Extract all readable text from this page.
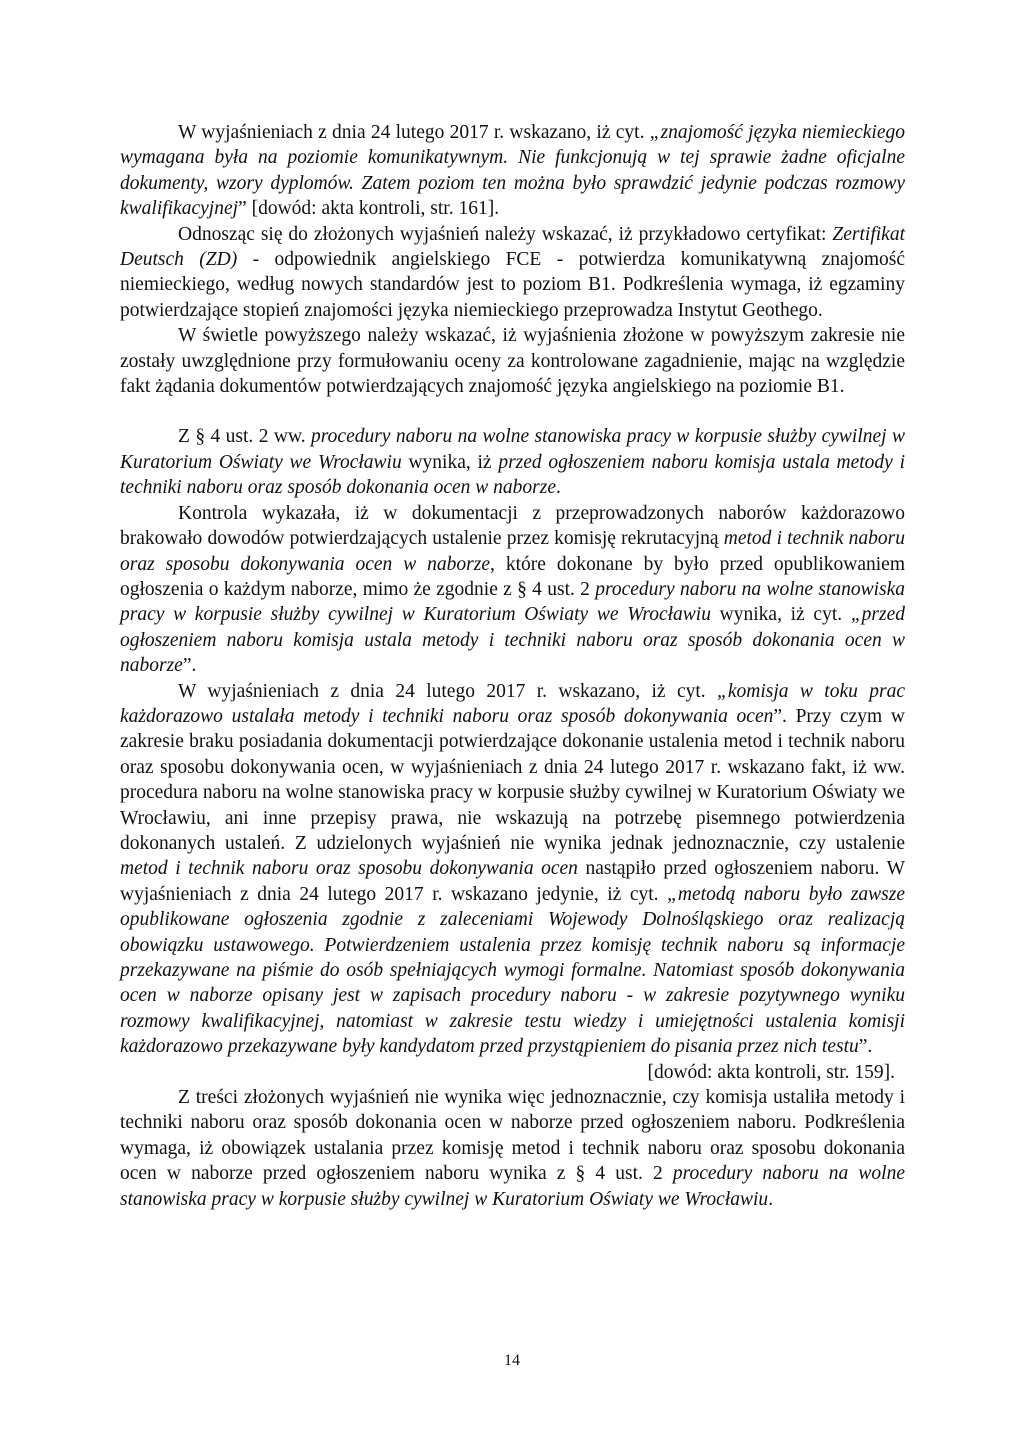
W wyjaśnieniach z dnia 24 lutego 2017 r. wskazano, iż cyt. „znajomość języka niemieckiego wymagana była na poziomie komunikatywnym. Nie funkcjonują w tej sprawie żadne oficjalne dokumenty, wzory dyplomów. Zatem poziom ten można było sprawdzić jedynie podczas rozmowy kwalifikacyjnej” [dowód: akta kontroli, str. 161].

Odnosząc się do złożonych wyjaśnień należy wskazać, iż przykładowo certyfikat: Zertifikat Deutsch (ZD) - odpowiednik angielskiego FCE - potwierdza komunikatywną znajomość niemieckiego, według nowych standardów jest to poziom B1. Podkreślenia wymaga, iż egzaminy potwierdzające stopień znajomości języka niemieckiego przeprowadza Instytut Geothego.

W świetle powyższego należy wskazać, iż wyjaśnienia złożone w powyższym zakresie nie zostały uwzględnione przy formułowaniu oceny za kontrolowane zagadnienie, mając na względzie fakt żądania dokumentów potwierdzających znajomość języka angielskiego na poziomie B1.

Z § 4 ust. 2 ww. procedury naboru na wolne stanowiska pracy w korpusie służby cywilnej w Kuratorium Oświaty we Wrocławiu wynika, iż przed ogłoszeniem naboru komisja ustala metody i techniki naboru oraz sposób dokonania ocen w naborze.

Kontrola wykazała, iż w dokumentacji z przeprowadzonych naborów każdorazowo brakowało dowodów potwierdzających ustalenie przez komisję rekrutacyjną metod i technik naboru oraz sposobu dokonywania ocen w naborze, które dokonane by było przed opublikowaniem ogłoszenia o każdym naborze, mimo że zgodnie z § 4 ust. 2 procedury naboru na wolne stanowiska pracy w korpusie służby cywilnej w Kuratorium Oświaty we Wrocławiu wynika, iż cyt. „przed ogłoszeniem naboru komisja ustala metody i techniki naboru oraz sposób dokonania ocen w naborze”.

W wyjaśnieniach z dnia 24 lutego 2017 r. wskazano, iż cyt. „komisja w toku prac każdorazowo ustalała metody i techniki naboru oraz sposób dokonywania ocen”. Przy czym w zakresie braku posiadania dokumentacji potwierdzające dokonanie ustalenia metod i technik naboru oraz sposobu dokonywania ocen, w wyjaśnieniach z dnia 24 lutego 2017 r. wskazano fakt, iż ww. procedura naboru na wolne stanowiska pracy w korpusie służby cywilnej w Kuratorium Oświaty we Wrocławiu, ani inne przepisy prawa, nie wskazują na potrzebę pisemnego potwierdzenia dokonanych ustaleń. Z udzielonych wyjaśnień nie wynika jednak jednoznacznie, czy ustalenie metod i technik naboru oraz sposobu dokonywania ocen nastąpiło przed ogłoszeniem naboru. W wyjaśnieniach z dnia 24 lutego 2017 r. wskazano jedynie, iż cyt. „metodą naboru było zawsze opublikowane ogłoszenia zgodnie z zaleceniami Wojewody Dolnośląskiego oraz realizacją obowiązku ustawowego. Potwierdzeniem ustalenia przez komisję technik naboru są informacje przekazywane na piśmie do osób spełniających wymogi formalne. Natomiast sposób dokonywania ocen w naborze opisany jest w zapisach procedury naboru - w zakresie pozytywnego wyniku rozmowy kwalifikacyjnej, natomiast w zakresie testu wiedzy i umiejętności ustalenia komisji każdorazowo przekazywane były kandydatom przed przystąpieniem do pisania przez nich testu”.

[dowód: akta kontroli, str. 159].

Z treści złożonych wyjaśnień nie wynika więc jednoznacznie, czy komisja ustaliła metody i techniki naboru oraz sposób dokonania ocen w naborze przed ogłoszeniem naboru. Podkreślenia wymaga, iż obowiązek ustalania przez komisję metod i technik naboru oraz sposobu dokonania ocen w naborze przed ogłoszeniem naboru wynika z § 4 ust. 2 procedury naboru na wolne stanowiska pracy w korpusie służby cywilnej w Kuratorium Oświaty we Wrocławiu.

14
